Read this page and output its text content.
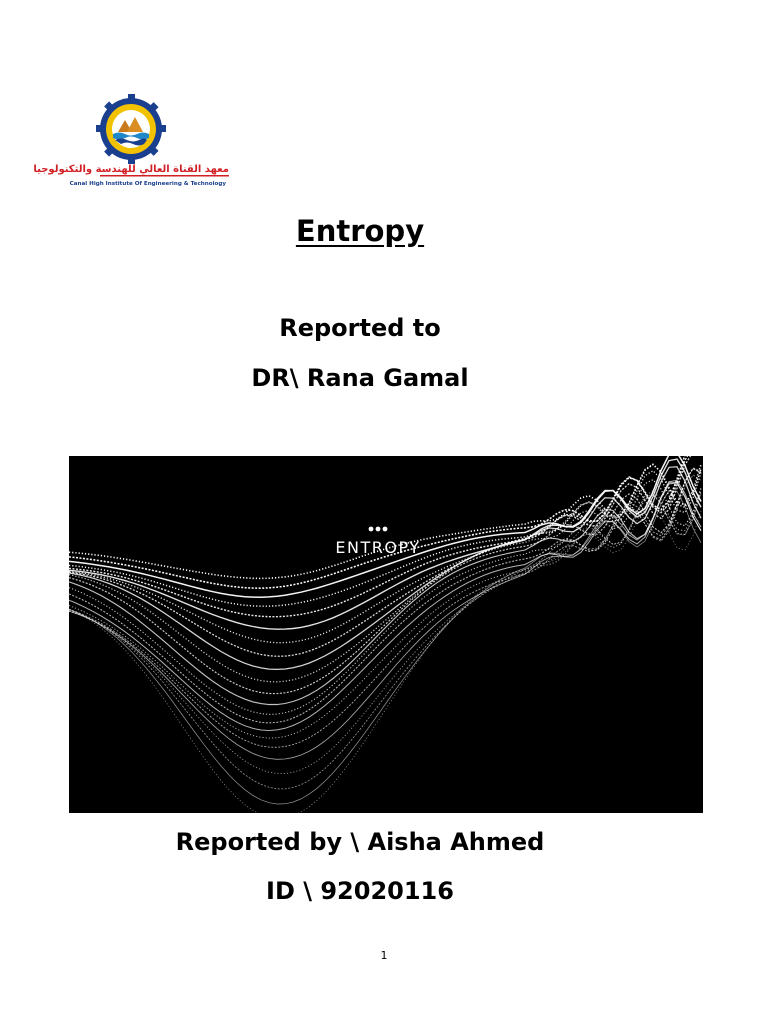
معهد القناة العالي للهندسة والتكنولوجيا
Canal High Institute Of Engineering & Technology
Entropy
Reported to
DR\ Rana Gamal
ENTROPY
Reported by \ Aisha Ahmed
ID \ 92020116
1
